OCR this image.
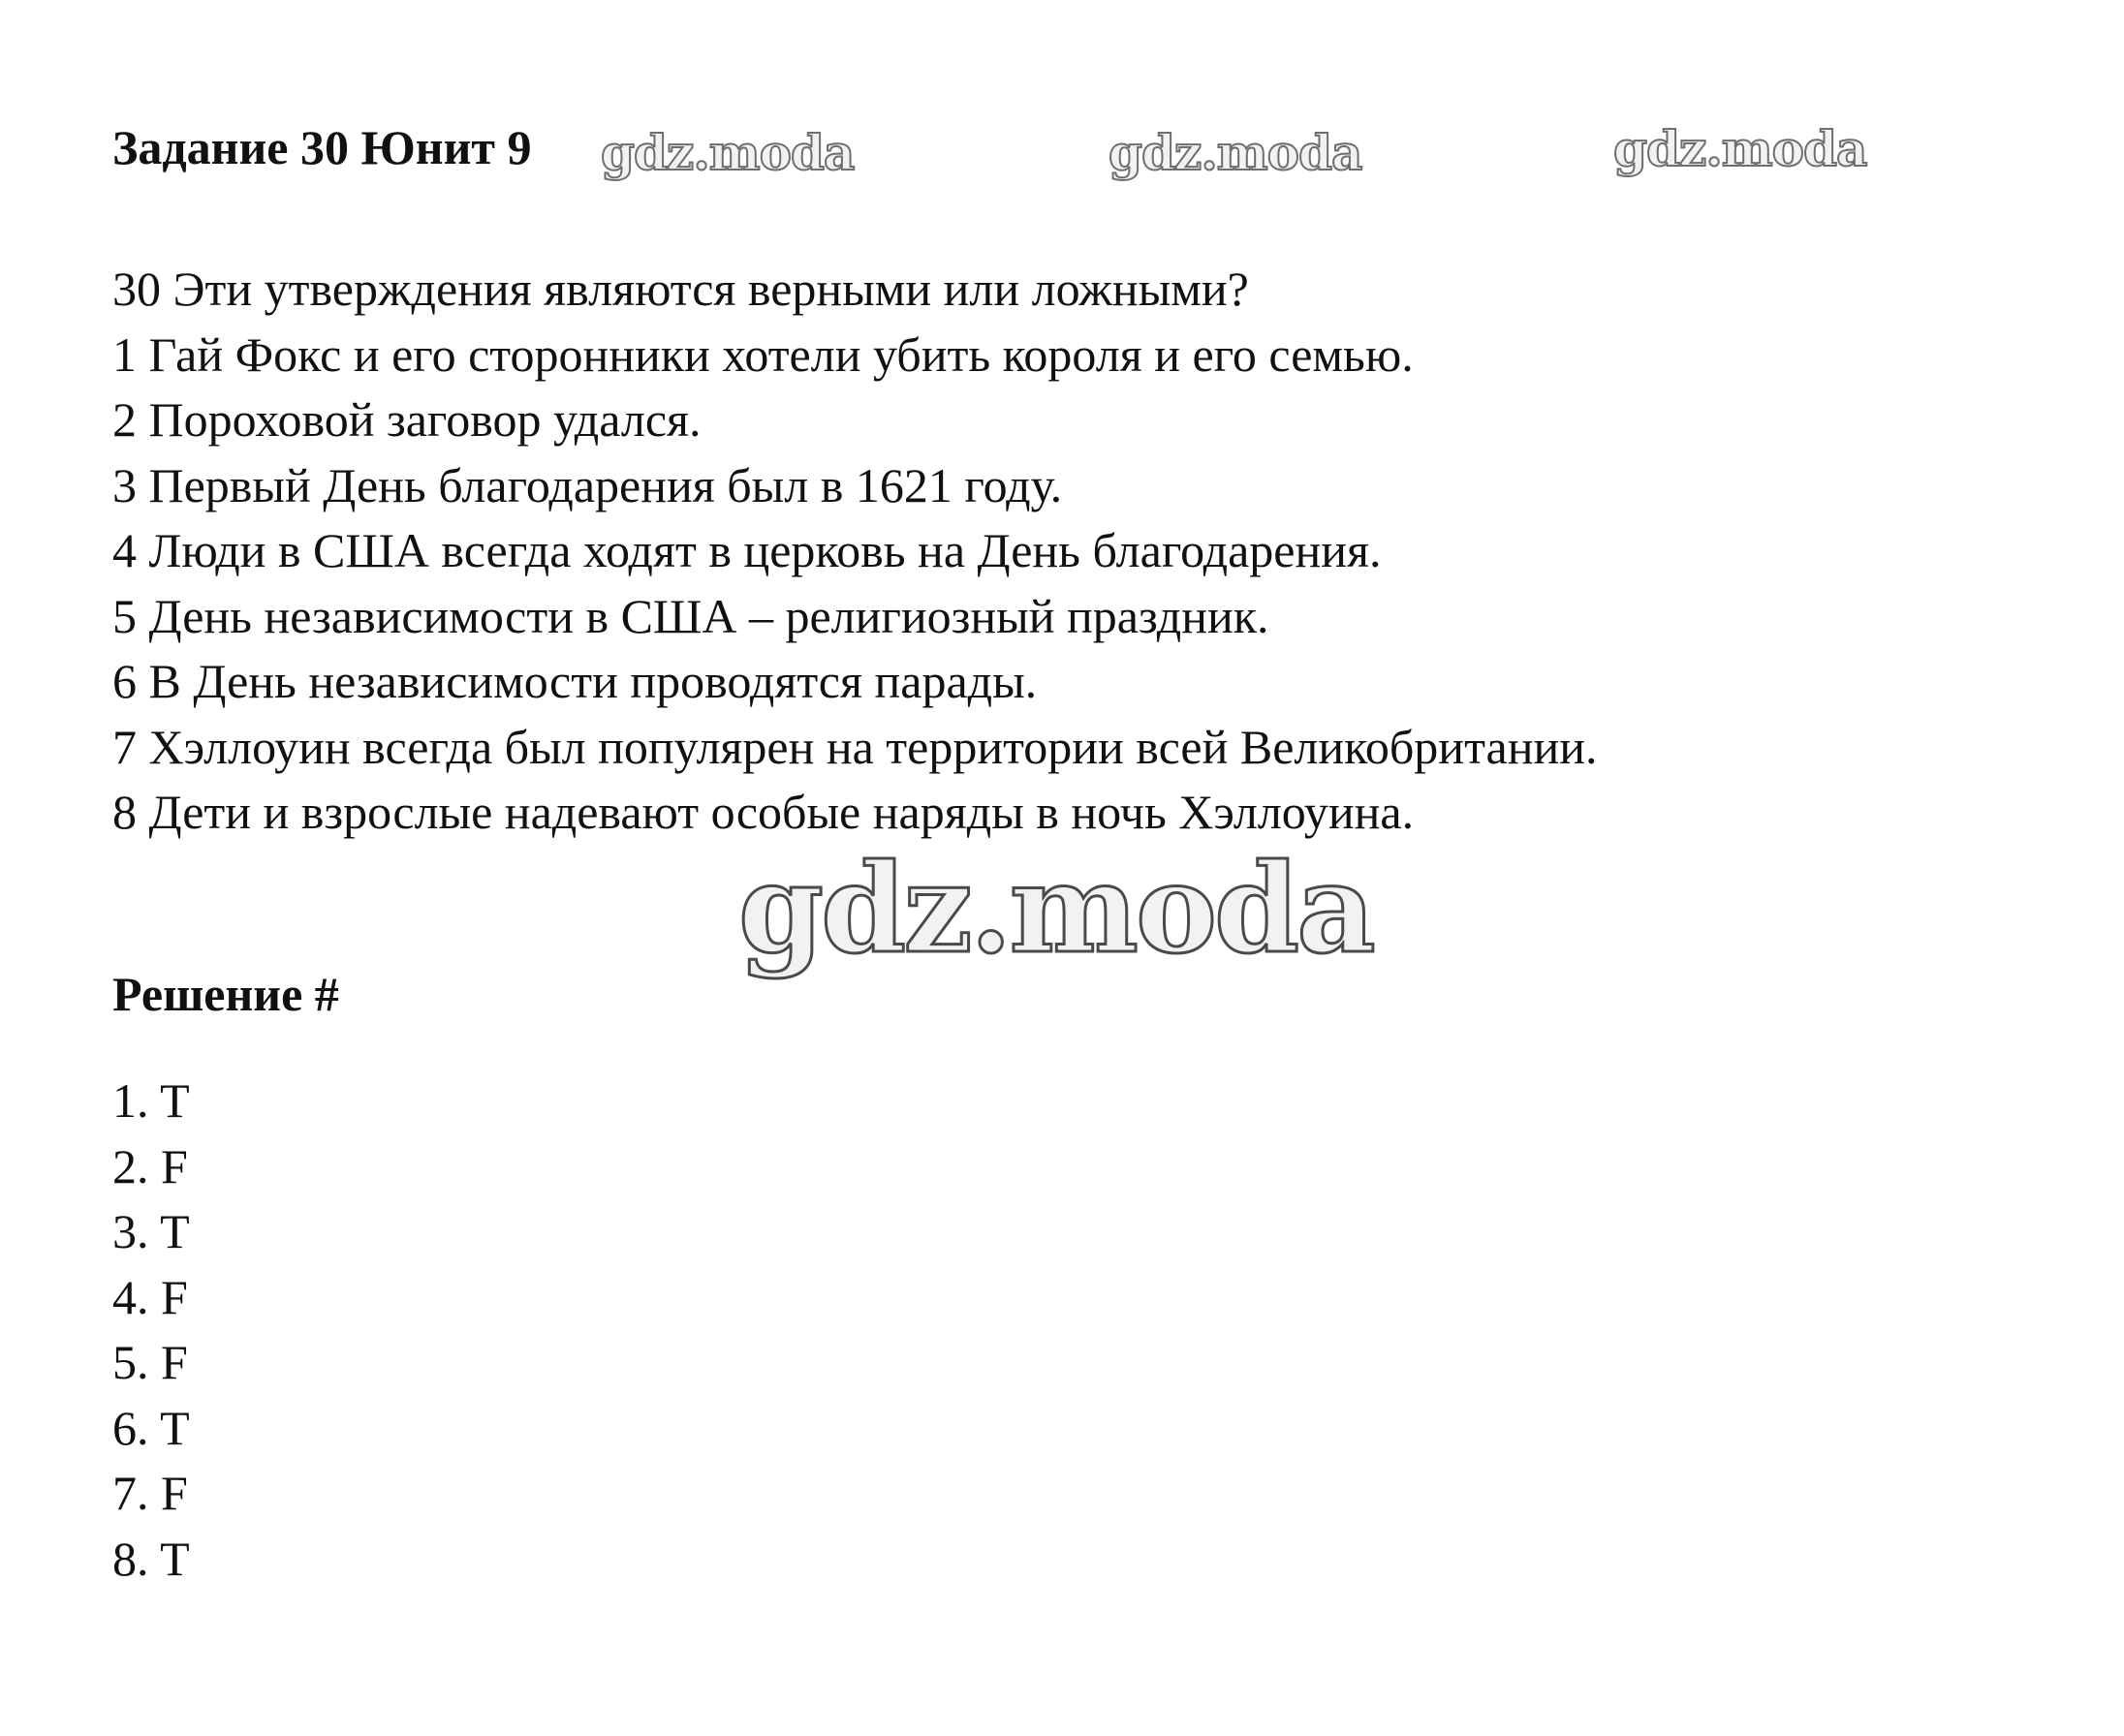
Задание 30 Юнит 9 gdz.moda	gdz.moda	gdz.moda
30 Эти утверждения являются верными или ложными?
1 Гай Фокс и его сторонники хотели убить короля и его семью.
2 Пороховой заговор удался.
3 Первый День благодарения был в 1621 году.
4 Люди в США всегда ходят в церковь на День благодарения.
5 День независимости в США – религиозный праздник.
6 В День независимости проводятся парады.
7 Хэллоуин всегда был популярен на территории всей Великобритании.
8 Дети и взрослые надевают особые наряды в ночь Хэллоуина.
gdz.moda
Решение #
1. T
2. F
3. T
4. F
5. F
6. T
7. F
8. T
